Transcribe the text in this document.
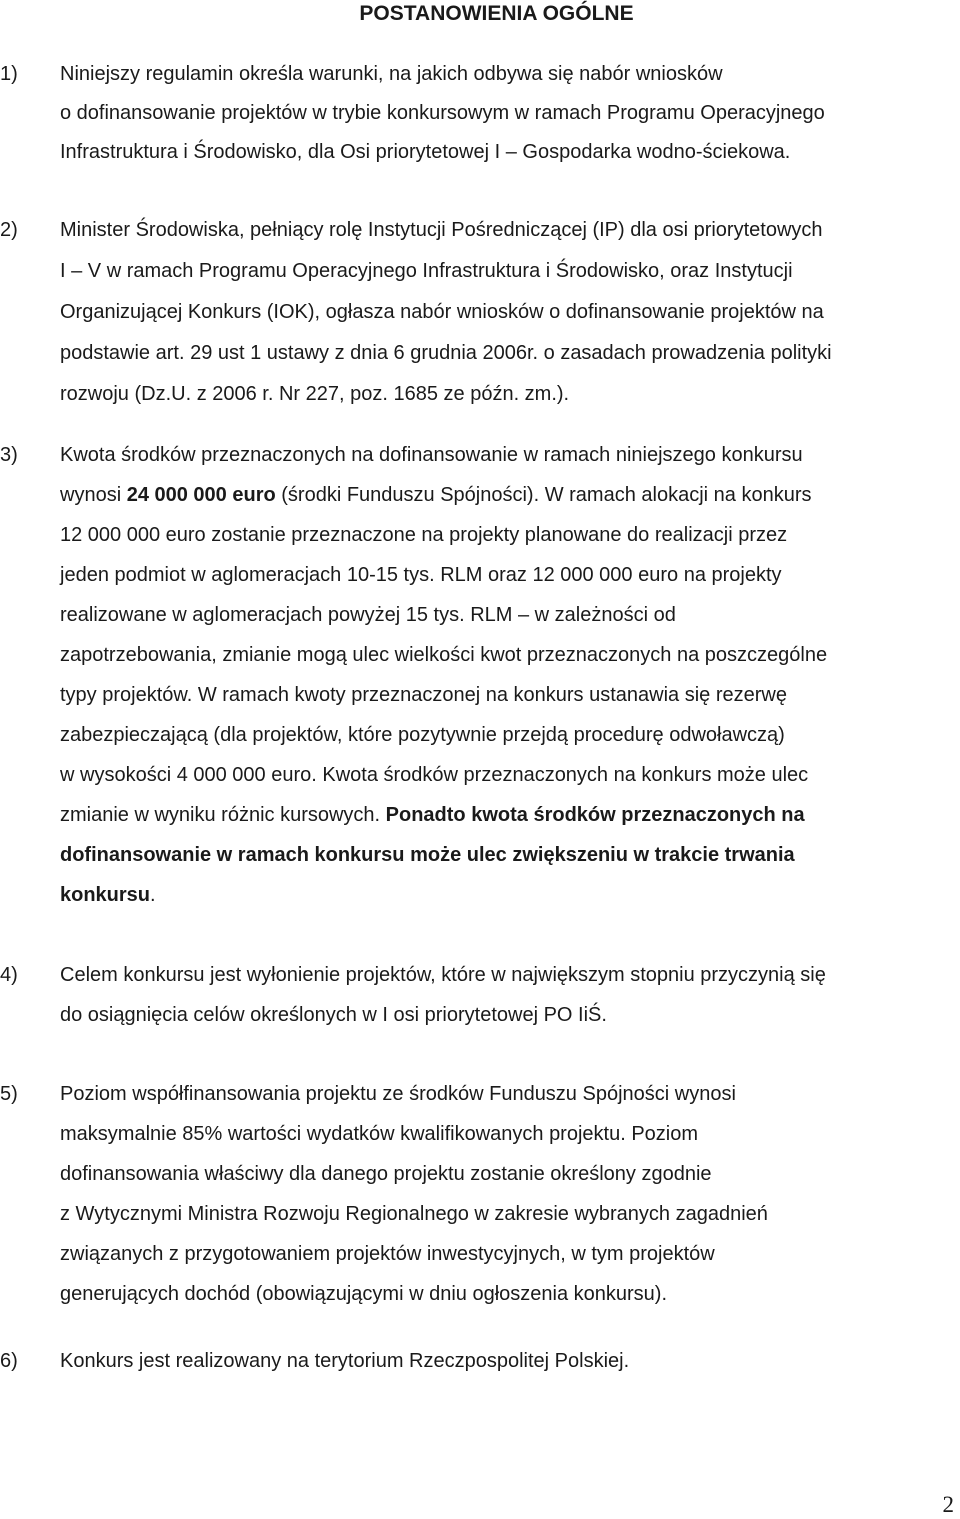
POSTANOWIENIA OGÓLNE
1) Niniejszy regulamin określa warunki, na jakich odbywa się nabór wniosków

o dofinansowanie projektów w trybie konkursowym w ramach Programu Operacyjnego

Infrastruktura i Środowisko, dla Osi priorytetowej I – Gospodarka wodno-ściekowa.

2) Minister Środowiska, pełniący rolę Instytucji Pośredniczącej (IP) dla osi priorytetowych

I – V w ramach Programu Operacyjnego Infrastruktura i Środowisko, oraz Instytucji

Organizującej Konkurs (IOK), ogłasza nabór wniosków o dofinansowanie projektów na

podstawie art. 29 ust 1 ustawy z dnia 6 grudnia 2006r. o zasadach prowadzenia polityki

rozwoju (Dz.U. z 2006 r. Nr 227, poz. 1685 ze późn. zm.).

3) Kwota środków przeznaczonych na dofinansowanie w ramach niniejszego konkursu

wynosi 24 000 000 euro (środki Funduszu Spójności). W ramach alokacji na konkurs

12 000 000 euro zostanie przeznaczone na projekty planowane do realizacji przez

jeden podmiot w aglomeracjach 10-15 tys. RLM oraz 12 000 000 euro na projekty

realizowane w aglomeracjach powyżej 15 tys. RLM – w zależności od

zapotrzebowania, zmianie mogą ulec wielkości kwot przeznaczonych na poszczególne

typy projektów. W ramach kwoty przeznaczonej na konkurs ustanawia się rezerwę

zabezpieczającą (dla projektów, które pozytywnie przejdą procedurę odwoławczą)

w wysokości 4 000 000 euro. Kwota środków przeznaczonych na konkurs może ulec

zmianie w wyniku różnic kursowych. Ponadto kwota środków przeznaczonych na

dofinansowanie w ramach konkursu może ulec zwiększeniu w trakcie trwania

konkursu.

4) Celem konkursu jest wyłonienie projektów, które w największym stopniu przyczynią się

do osiągnięcia celów określonych w I osi priorytetowej PO IiŚ.

5) Poziom współfinansowania projektu ze środków Funduszu Spójności wynosi

maksymalnie 85% wartości wydatków kwalifikowanych projektu. Poziom

dofinansowania właściwy dla danego projektu zostanie określony zgodnie

z Wytycznymi Ministra Rozwoju Regionalnego w zakresie wybranych zagadnień

związanych z przygotowaniem projektów inwestycyjnych, w tym projektów

generujących dochód (obowiązującymi w dniu ogłoszenia konkursu).

6) Konkurs jest realizowany na terytorium Rzeczpospolitej Polskiej.

2
